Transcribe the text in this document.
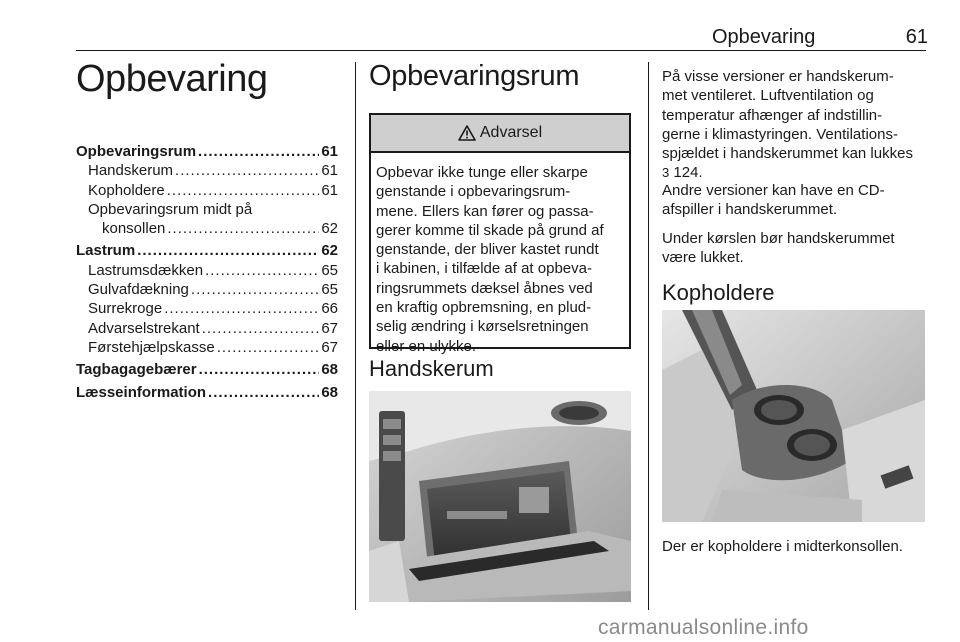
Opbevaring	61
Opbevaring
Opbevaringsrum .....	61
Handskerum .....	61
Kopholdere .....	61
Opbevaringsrum midt på
konsollen .....	62
Lastrum .....	62
Lastrumsdækken .....	65
Gulvafdækning .....	65
Surrekroge .....	66
Advarselstrekant .....	67
Førstehjælpskasse .....	67
Tagbagagebærer .....	68
Læsseinformation .....	68
Opbevaringsrum
Advarsel
Opbevar ikke tunge eller skarpe
genstande i opbevaringsrum-
mene. Ellers kan fører og passa-
gerer komme til skade på grund af
genstande, der bliver kastet rundt
i kabinen, i tilfælde af at opbeva-
ringsrummets dæksel åbnes ved
en kraftig opbremsning, en plud-
selig ændring i kørselsretningen
eller en ulykke.
Handskerum
På visse versioner er handskerum-
met ventileret. Luftventilation og
temperatur afhænger af indstillin-
gerne i klimastyringen. Ventilations-
spjældet i handskerummet kan lukkes
3 124.
Andre versioner kan have en CD-
afspiller i handskerummet.
Under kørslen bør handskerummet
være lukket.
Kopholdere
Der er kopholdere i midterkonsollen.
carmanualsonline.info
